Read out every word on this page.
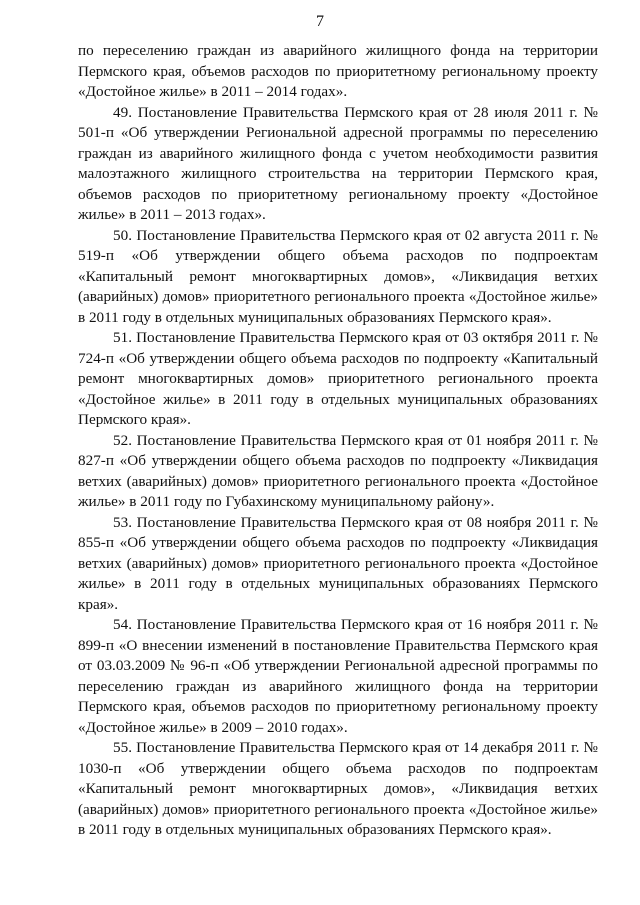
7

по переселению граждан из аварийного жилищного фонда на территории Пермского края, объемов расходов по приоритетному региональному проекту «Достойное жилье» в 2011 – 2014 годах».

49. Постановление Правительства Пермского края от 28 июля 2011 г. № 501-п «Об утверждении Региональной адресной программы по переселению граждан из аварийного жилищного фонда с учетом необходимости развития малоэтажного жилищного строительства на территории Пермского края, объемов расходов по приоритетному региональному проекту «Достойное жилье» в 2011 – 2013 годах».

50. Постановление Правительства Пермского края от 02 августа 2011 г. № 519-п «Об утверждении общего объема расходов по подпроектам «Капитальный ремонт многоквартирных домов», «Ликвидация ветхих (аварийных) домов» приоритетного регионального проекта «Достойное жилье» в 2011 году в отдельных муниципальных образованиях Пермского края».

51. Постановление Правительства Пермского края от 03 октября 2011 г. № 724-п «Об утверждении общего объема расходов по подпроекту «Капитальный ремонт многоквартирных домов» приоритетного регионального проекта «Достойное жилье» в 2011 году в отдельных муниципальных образованиях Пермского края».

52. Постановление Правительства Пермского края от 01 ноября 2011 г. № 827-п «Об утверждении общего объема расходов по подпроекту «Ликвидация ветхих (аварийных) домов» приоритетного регионального проекта «Достойное жилье» в 2011 году по Губахинскому муниципальному району».

53. Постановление Правительства Пермского края от 08 ноября 2011 г. № 855-п «Об утверждении общего объема расходов по подпроекту «Ликвидация ветхих (аварийных) домов» приоритетного регионального проекта «Достойное жилье» в 2011 году в отдельных муниципальных образованиях Пермского края».

54. Постановление Правительства Пермского края от 16 ноября 2011 г. № 899-п «О внесении изменений в постановление Правительства Пермского края от 03.03.2009 № 96-п «Об утверждении Региональной адресной программы по переселению граждан из аварийного жилищного фонда на территории Пермского края, объемов расходов по приоритетному региональному проекту «Достойное жилье» в 2009 – 2010 годах».

55. Постановление Правительства Пермского края от 14 декабря 2011 г. № 1030-п «Об утверждении общего объема расходов по подпроектам «Капитальный ремонт многоквартирных домов», «Ликвидация ветхих (аварийных) домов» приоритетного регионального проекта «Достойное жилье» в 2011 году в отдельных муниципальных образованиях Пермского края».
